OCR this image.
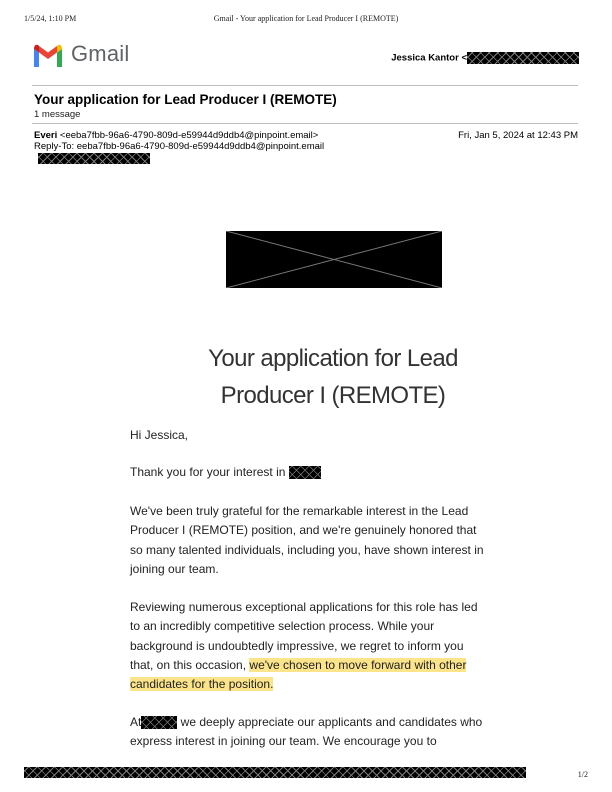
1/5/24, 1:10 PM	Gmail - Your application for Lead Producer I (REMOTE)
Gmail	Jessica Kantor <
Your application for Lead Producer I (REMOTE)
1 message
Everi <eeba7fbb-96a6-4790-809d-e59944d9ddb4@pinpoint.email>	Fri, Jan 5, 2024 at 12:43 PM
Reply-To: eeba7fbb-96a6-4790-809d-e59944d9ddb4@pinpoint.email
Your application for Lead
Producer I (REMOTE)
Hi Jessica,
Thank you for your interest in
We've been truly grateful for the remarkable interest in the Lead Producer I (REMOTE) position, and we're genuinely honored that so many talented individuals, including you, have shown interest in joining our team.
Reviewing numerous exceptional applications for this role has led to an incredibly competitive selection process. While your background is undoubtedly impressive, we regret to inform you that, on this occasion, we've chosen to move forward with other candidates for the position.
At	we deeply appreciate our applicants and candidates who express interest in joining our team. We encourage you to
1/2
